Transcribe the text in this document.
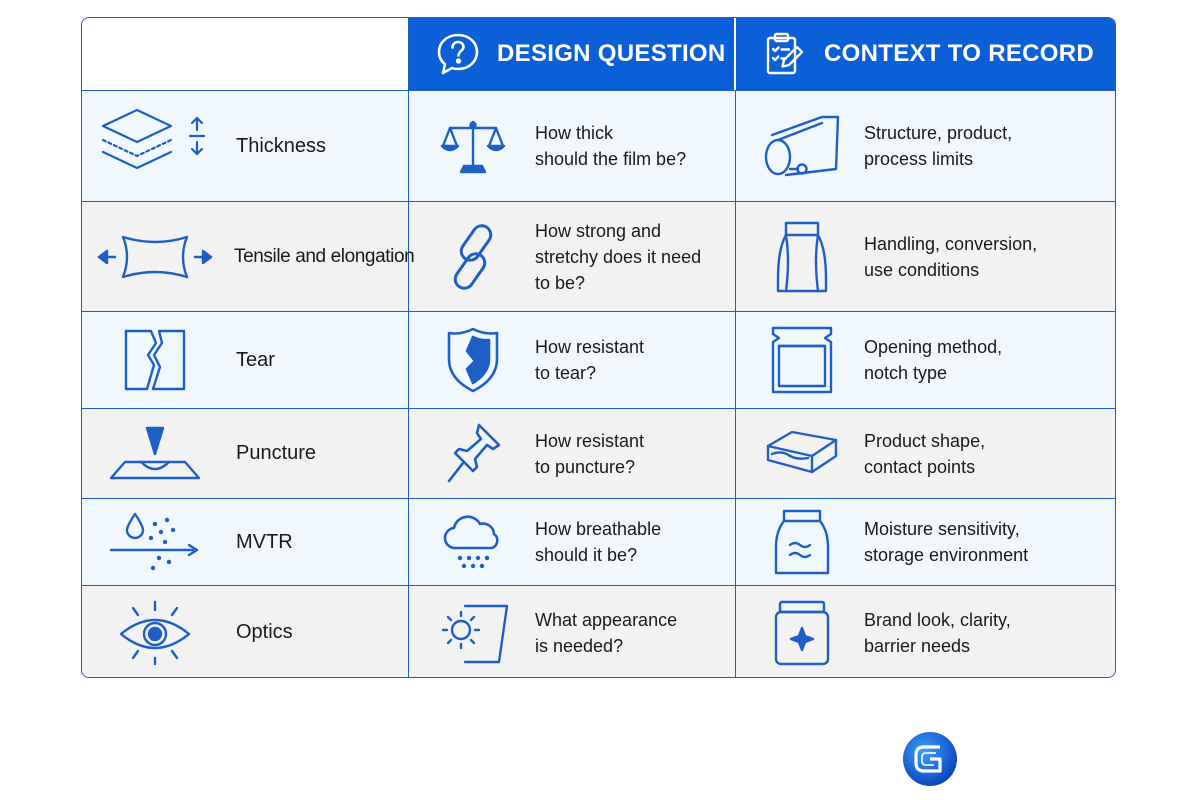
DESIGN QUESTION	CONTEXT TO RECORD
Thickness
How thick
should the film be?
Structure, product,
process limits
Tensile and elongation
How strong and
stretchy does it need
to be?
Handling, conversion,
use conditions
Tear
How resistant
to tear?
Opening method,
notch type
Puncture
How resistant
to puncture?
Product shape,
contact points
MVTR
How breathable
should it be?
Moisture sensitivity,
storage environment
Optics
What appearance
is needed?
Brand look, clarity,
barrier needs
